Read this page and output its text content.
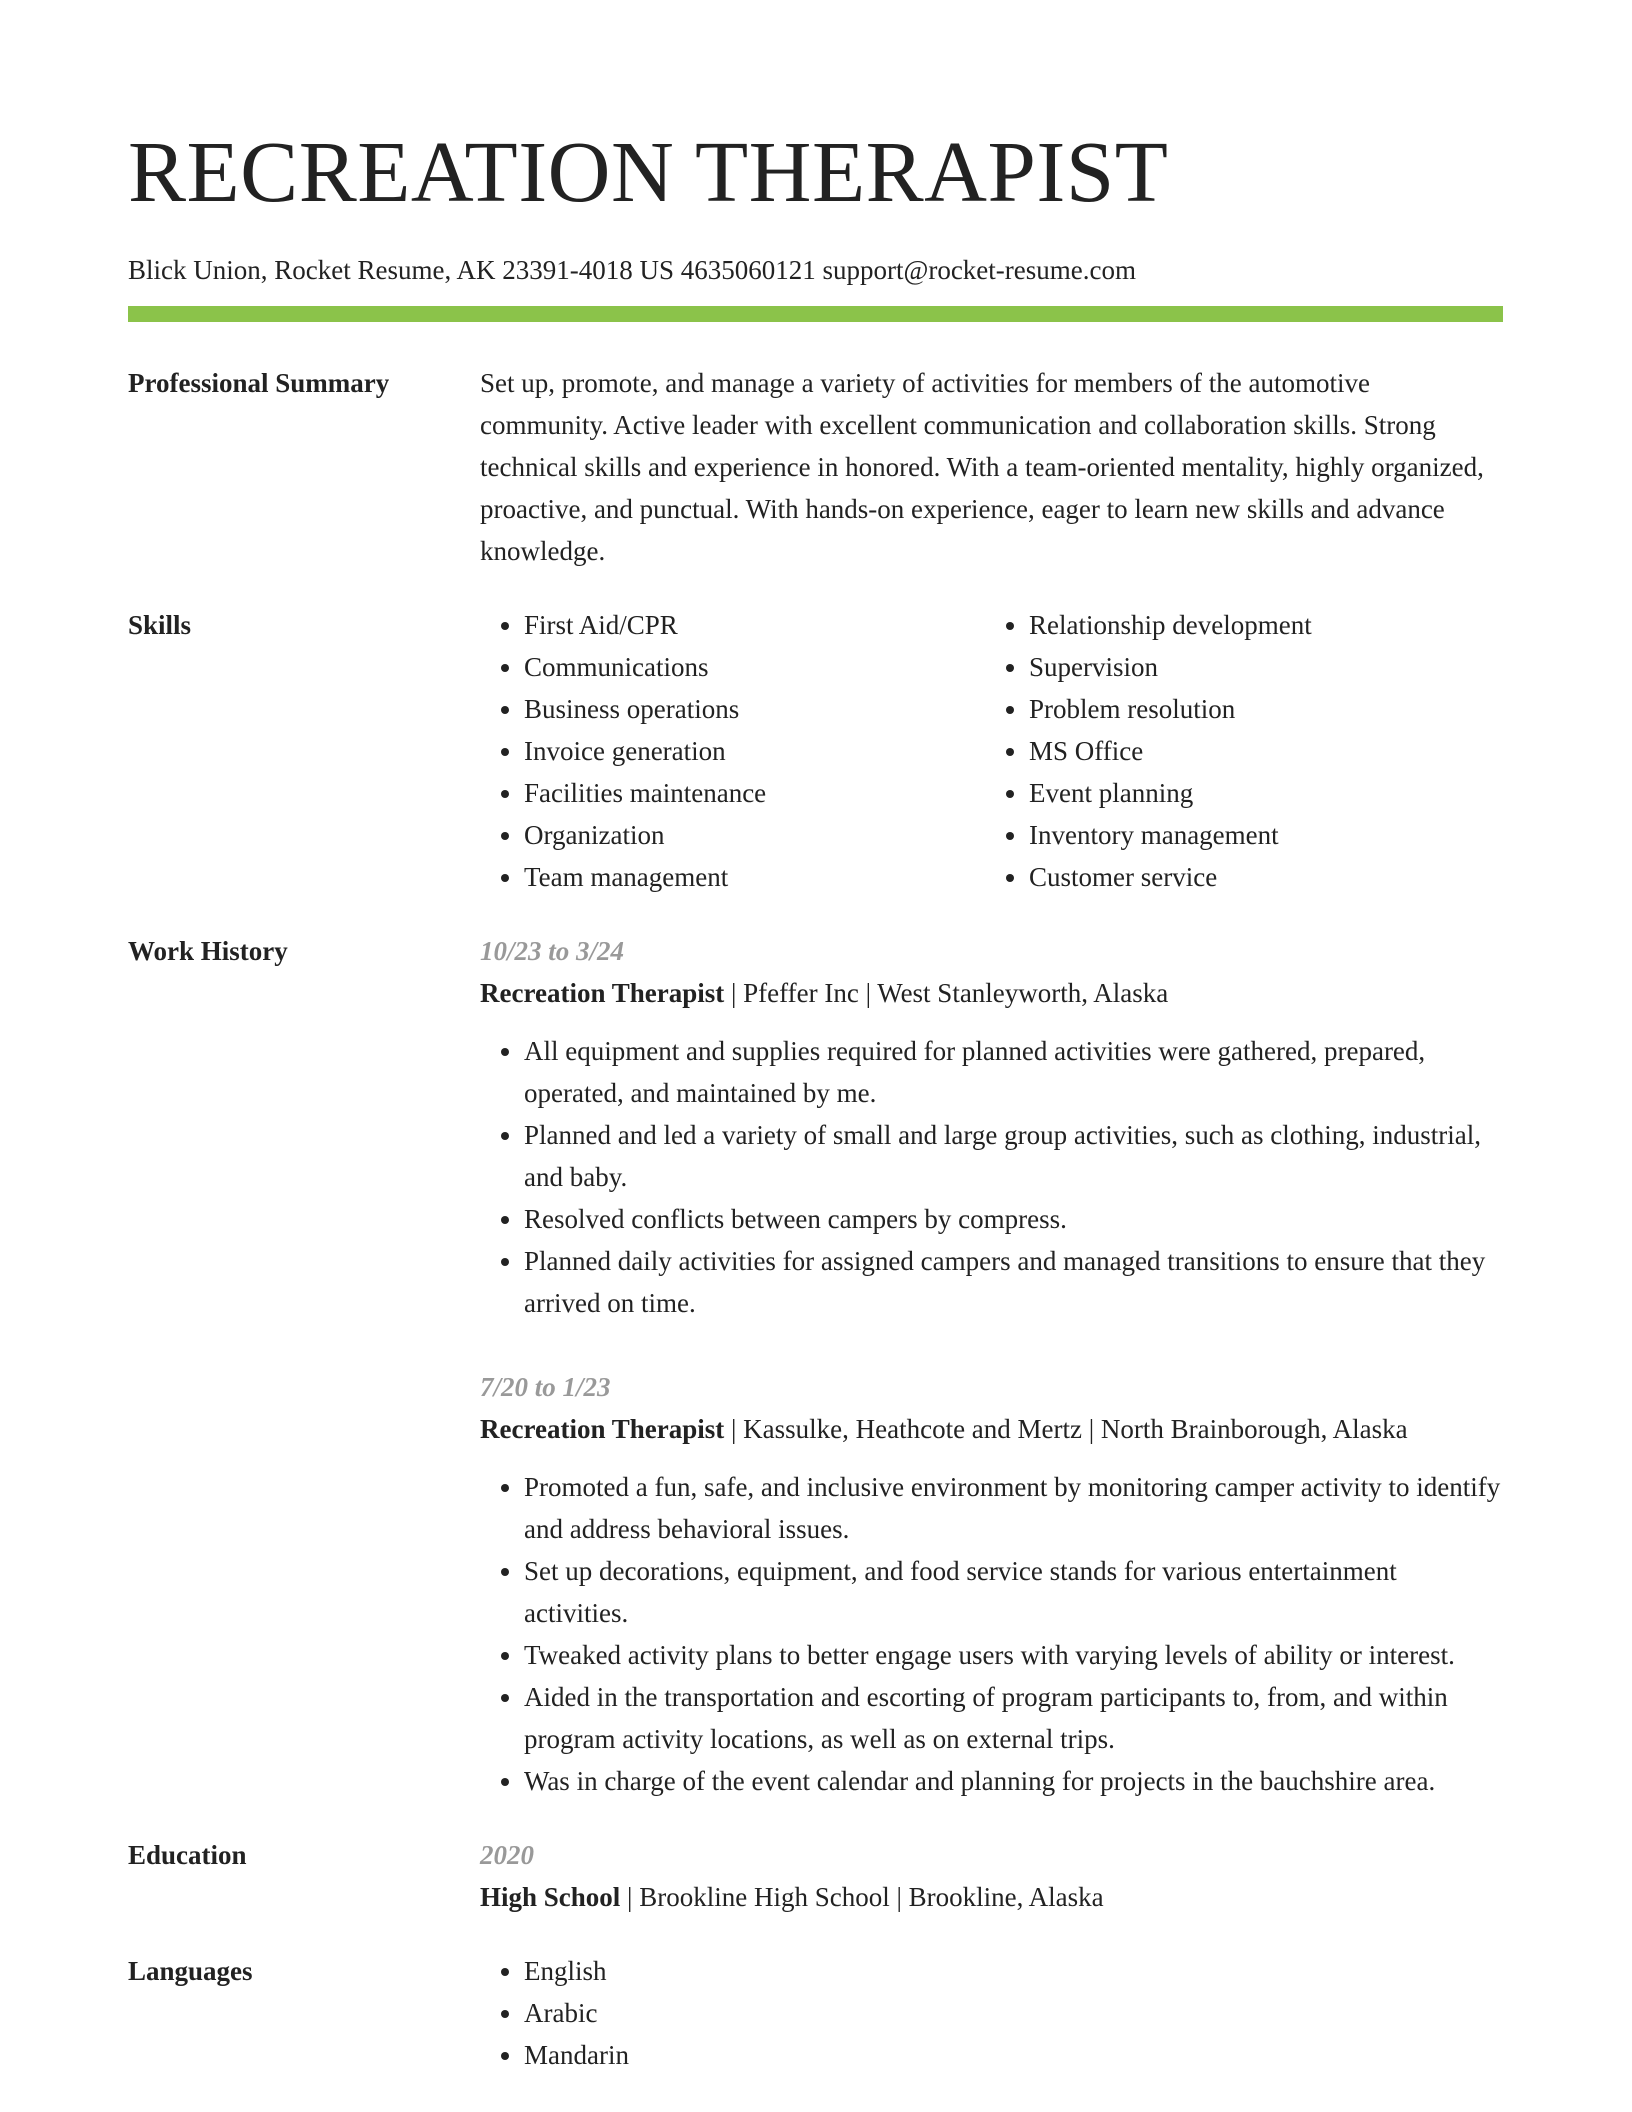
RECREATION THERAPIST
Blick Union, Rocket Resume, AK 23391-4018 US 4635060121 support@rocket-resume.com
Professional Summary	Set up, promote, and manage a variety of activities for members of the automotive community. Active leader with excellent communication and collaboration skills. Strong technical skills and experience in honored. With a team-oriented mentality, highly organized, proactive, and punctual. With hands-on experience, eager to learn new skills and advance knowledge.

Skills	• First Aid/CPR
• Communications
• Business operations
• Invoice generation
• Facilities maintenance
• Organization
• Team management
• Relationship development
• Supervision
• Problem resolution
• MS Office
• Event planning
• Inventory management
• Customer service
Work History	10/23 to 3/24
Recreation Therapist | Pfeffer Inc | West Stanleyworth, Alaska
• All equipment and supplies required for planned activities were gathered, prepared, operated, and maintained by me.
• Planned and led a variety of small and large group activities, such as clothing, industrial, and baby.
• Resolved conflicts between campers by compress.
• Planned daily activities for assigned campers and managed transitions to ensure that they arrived on time.
7/20 to 1/23
Recreation Therapist | Kassulke, Heathcote and Mertz | North Brainborough, Alaska
• Promoted a fun, safe, and inclusive environment by monitoring camper activity to identify and address behavioral issues.
• Set up decorations, equipment, and food service stands for various entertainment activities.
• Tweaked activity plans to better engage users with varying levels of ability or interest.
• Aided in the transportation and escorting of program participants to, from, and within program activity locations, as well as on external trips.
• Was in charge of the event calendar and planning for projects in the bauchshire area.
Education	2020
High School | Brookline High School | Brookline, Alaska
Languages	• English
• Arabic
• Mandarin
